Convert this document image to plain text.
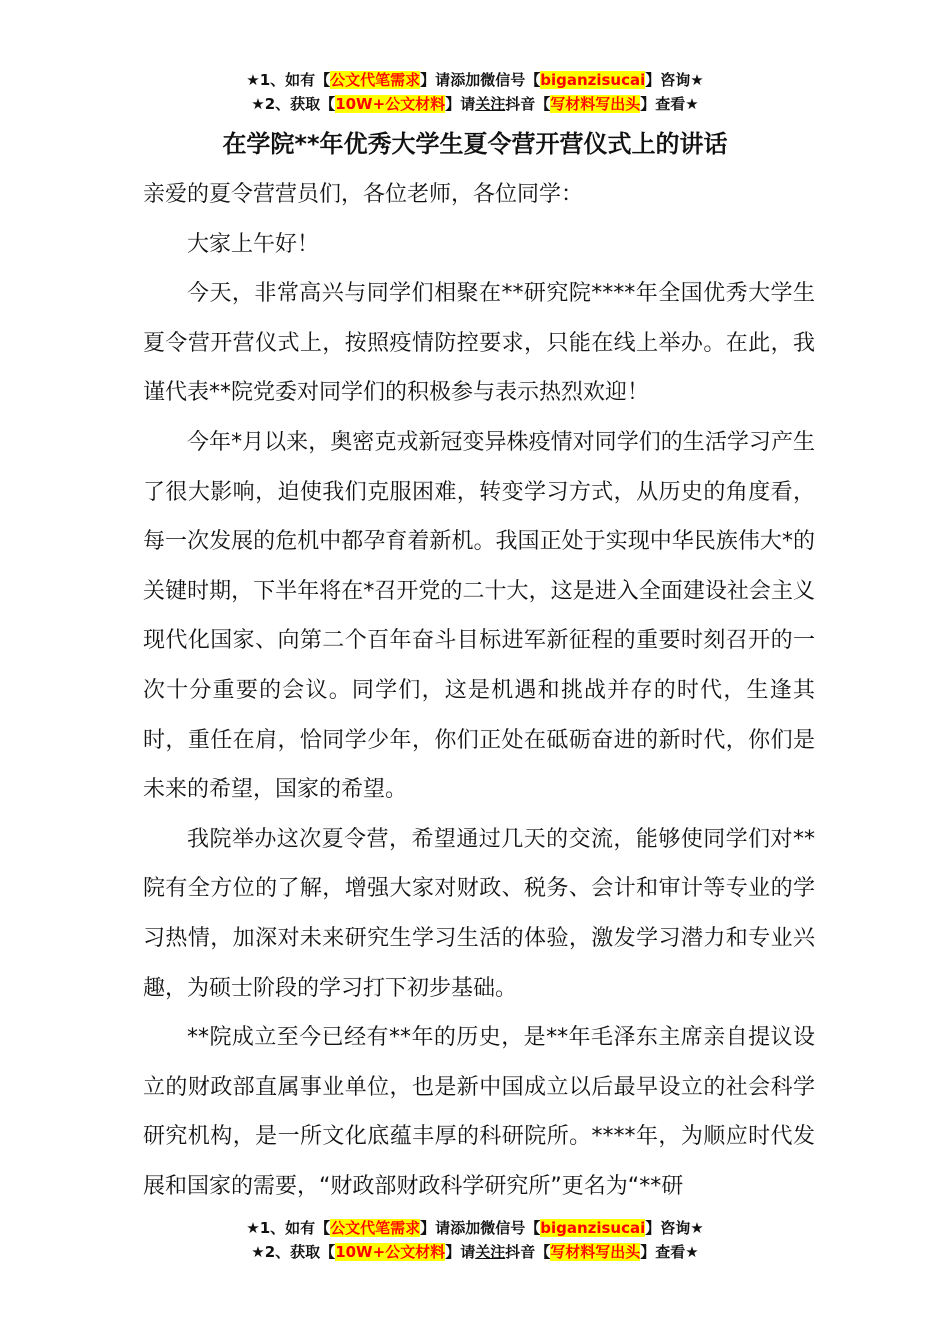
★1、如有【公文代笔需求】请添加微信号【biganzisucai】咨询★
★2、获取【10W+公文材料】请关注抖音【写材料写出头】查看★
在学院**年优秀大学生夏令营开营仪式上的讲话

亲爱的夏令营营员们，各位老师，各位同学：

大家上午好！

今天，非常高兴与同学们相聚在**研究院****年全国优秀大学生夏令营开营仪式上，按照疫情防控要求，只能在线上举办。在此，我谨代表**院党委对同学们的积极参与表示热烈欢迎！

今年*月以来，奥密克戎新冠变异株疫情对同学们的生活学习产生了很大影响，迫使我们克服困难，转变学习方式，从历史的角度看，每一次发展的危机中都孕育着新机。我国正处于实现中华民族伟大*的关键时期，下半年将在*召开党的二十大，这是进入全面建设社会主义现代化国家、向第二个百年奋斗目标进军新征程的重要时刻召开的一次十分重要的会议。同学们，这是机遇和挑战并存的时代，生逢其时，重任在肩，恰同学少年，你们正处在砥砺奋进的新时代，你们是未来的希望，国家的希望。

我院举办这次夏令营，希望通过几天的交流，能够使同学们对**院有全方位的了解，增强大家对财政、税务、会计和审计等专业的学习热情，加深对未来研究生学习生活的体验，激发学习潜力和专业兴趣，为硕士阶段的学习打下初步基础。

**院成立至今已经有**年的历史，是**年毛泽东主席亲自提议设立的财政部直属事业单位，也是新中国成立以后最早设立的社会科学研究机构，是一所文化底蕴丰厚的科研院所。****年，为顺应时代发展和国家的需要，“财政部财政科学研究所”更名为“**研

★1、如有【公文代笔需求】请添加微信号【biganzisucai】咨询★
★2、获取【10W+公文材料】请关注抖音【写材料写出头】查看★
